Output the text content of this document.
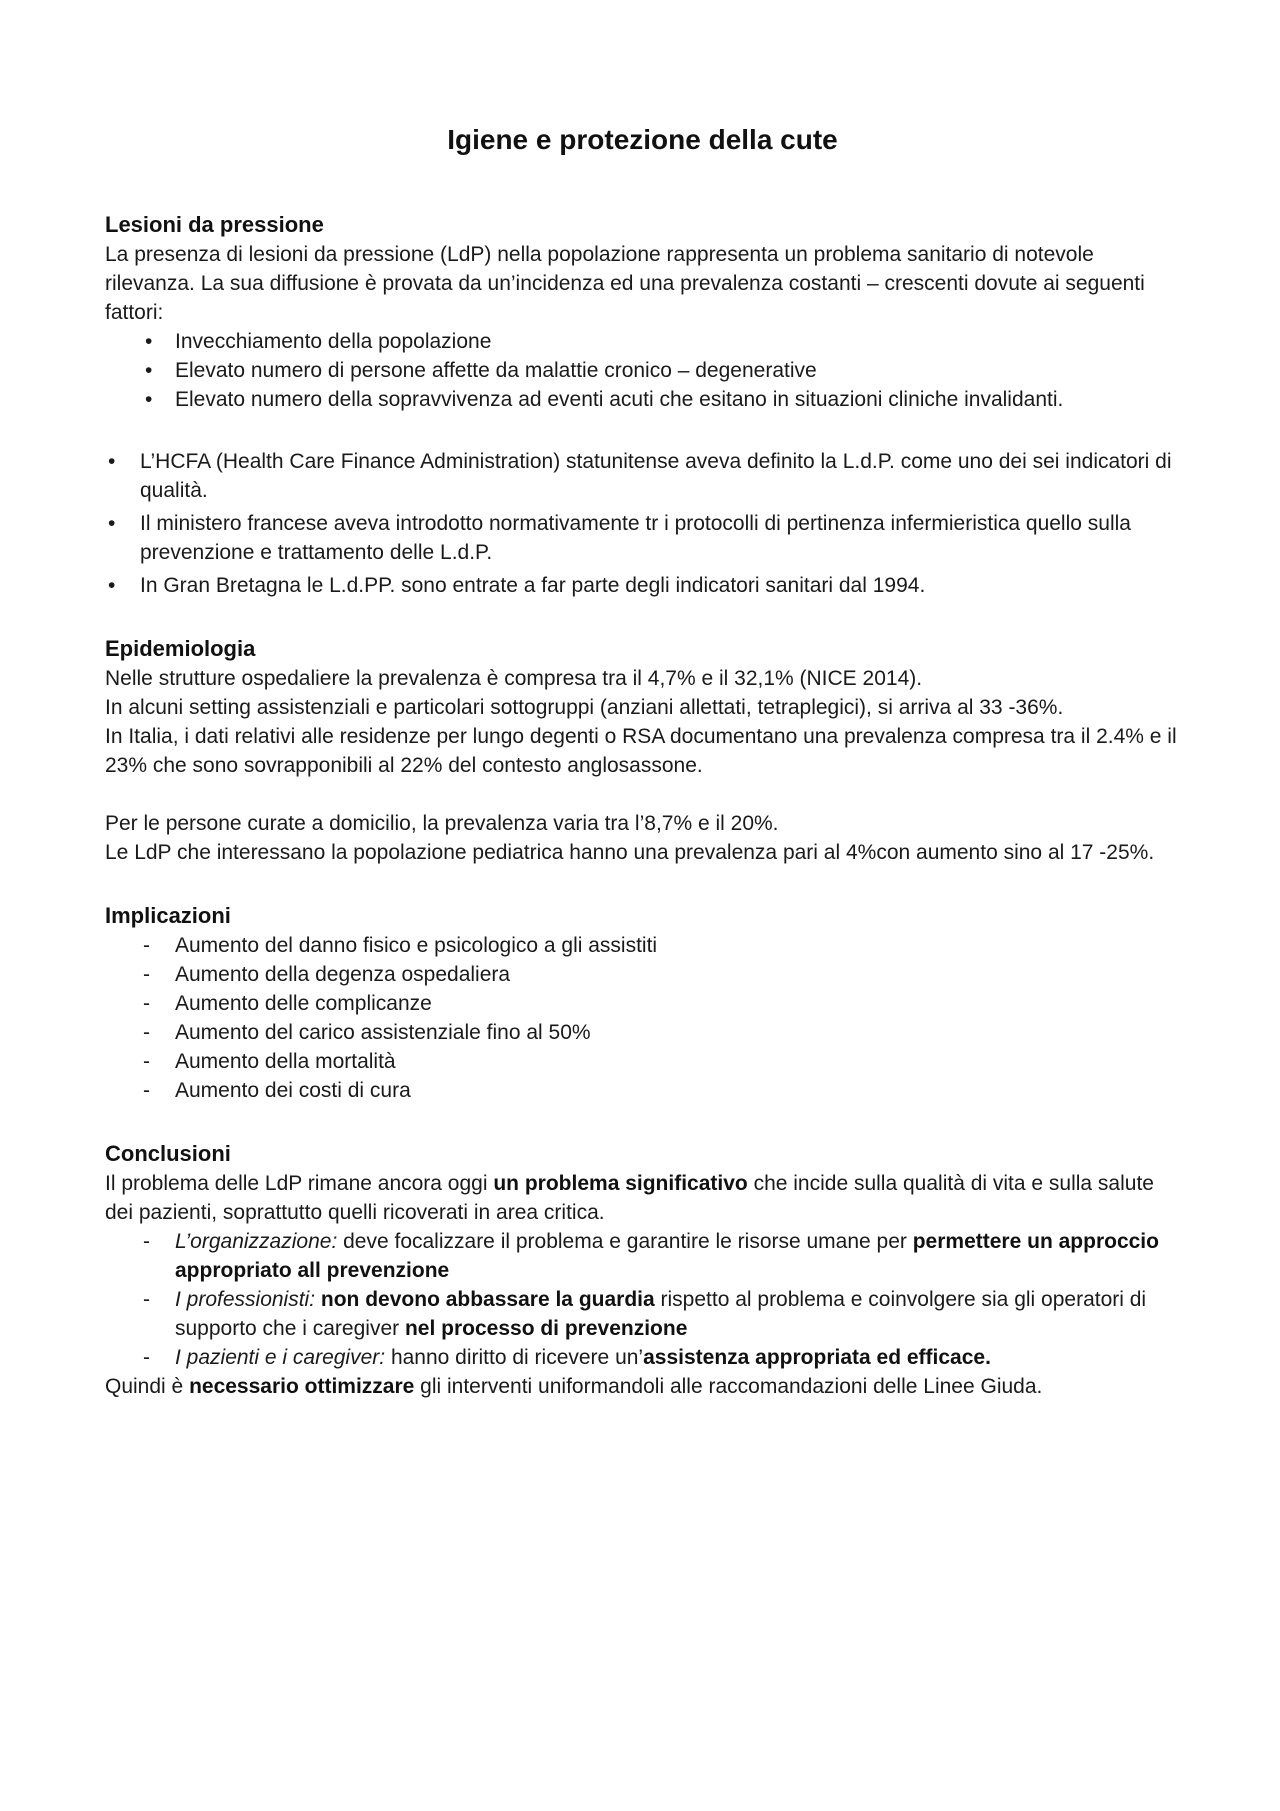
Igiene e protezione della cute
Lesioni da pressione

La presenza di lesioni da pressione (LdP) nella popolazione rappresenta un problema sanitario di notevole rilevanza. La sua diffusione è provata da un’incidenza ed una prevalenza costanti – crescenti dovute ai seguenti fattori:

• Invecchiamento della popolazione
• Elevato numero di persone affette da malattie cronico – degenerative
• Elevato numero della sopravvivenza ad eventi acuti che esitano in situazioni cliniche invalidanti.
• L’HCFA (Health Care Finance Administration) statunitense aveva definito la L.d.P. come uno dei sei indicatori di qualità.
• Il ministero francese aveva introdotto normativamente tr i protocolli di pertinenza infermieristica quello sulla prevenzione e trattamento delle L.d.P.
• In Gran Bretagna le L.d.PP. sono entrate a far parte degli indicatori sanitari dal 1994.
Epidemiologia

Nelle strutture ospedaliere la prevalenza è compresa tra il 4,7% e il 32,1% (NICE 2014).

In alcuni setting assistenziali e particolari sottogruppi (anziani allettati, tetraplegici), si arriva al 33 -36%.

In Italia, i dati relativi alle residenze per lungo degenti o RSA documentano una prevalenza compresa tra il 2.4% e il 23% che sono sovrapponibili al 22% del contesto anglosassone.

Per le persone curate a domicilio, la prevalenza varia tra l’8,7% e il 20%.

Le LdP che interessano la popolazione pediatrica hanno una prevalenza pari al 4%con aumento sino al 17 -25%.

Implicazioni
- Aumento del danno fisico e psicologico a gli assistiti
- Aumento della degenza ospedaliera
- Aumento delle complicanze
- Aumento del carico assistenziale fino al 50%
- Aumento della mortalità
- Aumento dei costi di cura
Conclusioni

Il problema delle LdP rimane ancora oggi un problema significativo che incide sulla qualità di vita e sulla salute dei pazienti, soprattutto quelli ricoverati in area critica.

- L’organizzazione: deve focalizzare il problema e garantire le risorse umane per permettere un approccio appropriato all prevenzione
- I professionisti: non devono abbassare la guardia rispetto al problema e coinvolgere sia gli operatori di supporto che i caregiver nel processo di prevenzione
- I pazienti e i caregiver: hanno diritto di ricevere un’assistenza appropriata ed efficace.

Quindi è necessario ottimizzare gli interventi uniformandoli alle raccomandazioni delle Linee Giuda.
